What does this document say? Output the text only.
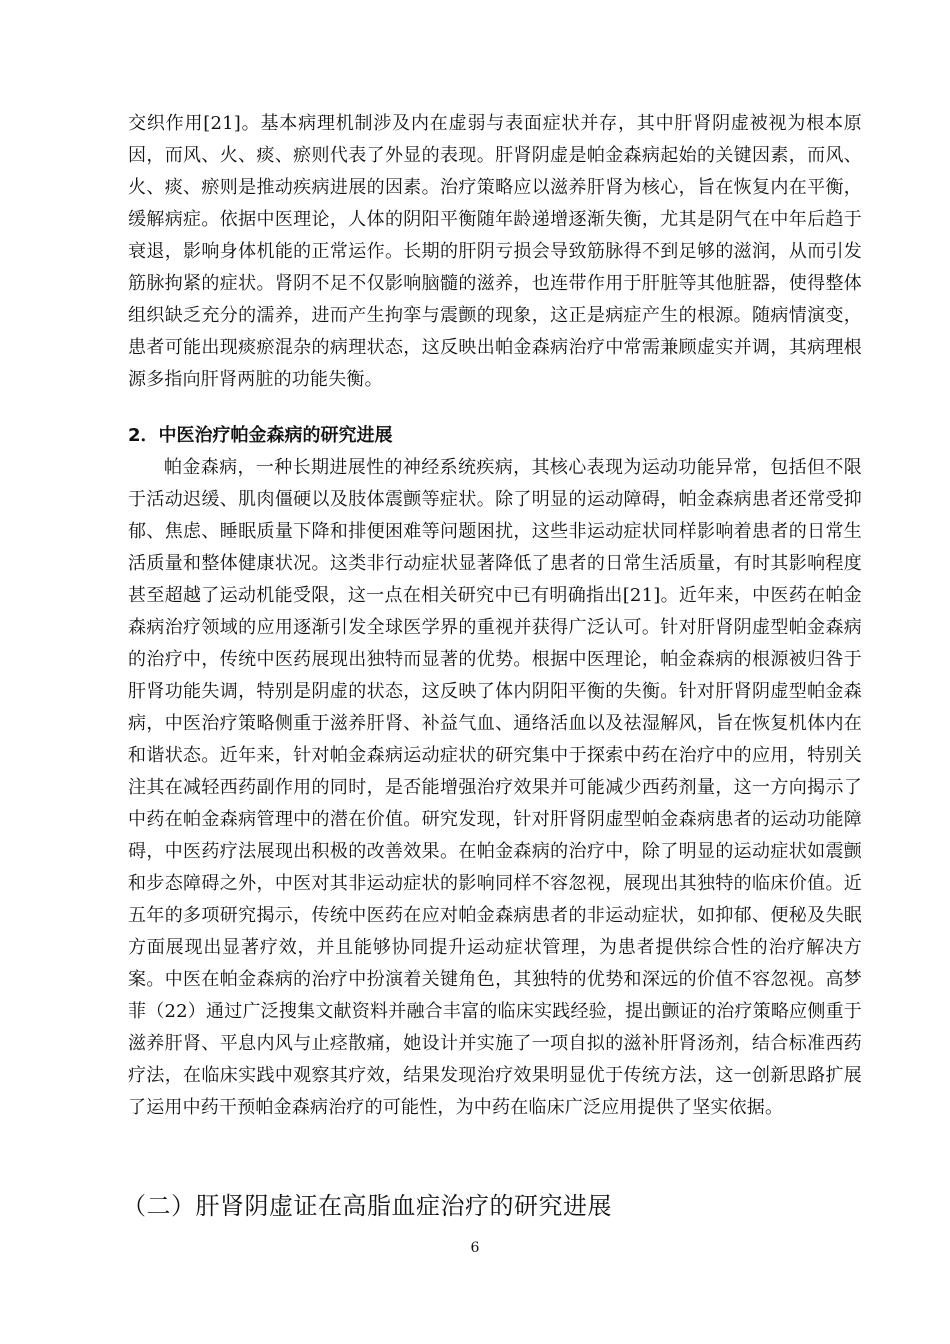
交织作用[21]。基本病理机制涉及内在虚弱与表面症状并存，其中肝肾阴虚被视为根本原因，而风、火、痰、瘀则代表了外显的表现。肝肾阴虚是帕金森病起始的关键因素，而风、火、痰、瘀则是推动疾病进展的因素。治疗策略应以滋养肝肾为核心，旨在恢复内在平衡，缓解病症。依据中医理论，人体的阴阳平衡随年龄递增逐渐失衡，尤其是阴气在中年后趋于衰退，影响身体机能的正常运作。长期的肝阴亏损会导致筋脉得不到足够的滋润，从而引发筋脉拘紧的症状。肾阴不足不仅影响脑髓的滋养，也连带作用于肝脏等其他脏器，使得整体组织缺乏充分的濡养，进而产生拘挛与震颤的现象，这正是病症产生的根源。随病情演变，患者可能出现痰瘀混杂的病理状态，这反映出帕金森病治疗中常需兼顾虚实并调，其病理根源多指向肝肾两脏的功能失衡。
2．中医治疗帕金森病的研究进展
帕金森病，一种长期进展性的神经系统疾病，其核心表现为运动功能异常，包括但不限于活动迟缓、肌肉僵硬以及肢体震颤等症状。除了明显的运动障碍，帕金森病患者还常受抑郁、焦虑、睡眠质量下降和排便困难等问题困扰，这些非运动症状同样影响着患者的日常生活质量和整体健康状况。这类非行动症状显著降低了患者的日常生活质量，有时其影响程度甚至超越了运动机能受限，这一点在相关研究中已有明确指出[21]。近年来，中医药在帕金森病治疗领域的应用逐渐引发全球医学界的重视并获得广泛认可。针对肝肾阴虚型帕金森病的治疗中，传统中医药展现出独特而显著的优势。根据中医理论，帕金森病的根源被归咎于肝肾功能失调，特别是阴虚的状态，这反映了体内阴阳平衡的失衡。针对肝肾阴虚型帕金森病，中医治疗策略侧重于滋养肝肾、补益气血、通络活血以及祛湿解风，旨在恢复机体内在和谐状态。近年来，针对帕金森病运动症状的研究集中于探索中药在治疗中的应用，特别关注其在减轻西药副作用的同时，是否能增强治疗效果并可能减少西药剂量，这一方向揭示了中药在帕金森病管理中的潜在价值。研究发现，针对肝肾阴虚型帕金森病患者的运动功能障碍，中医药疗法展现出积极的改善效果。在帕金森病的治疗中，除了明显的运动症状如震颤和步态障碍之外，中医对其非运动症状的影响同样不容忽视，展现出其独特的临床价值。近五年的多项研究揭示，传统中医药在应对帕金森病患者的非运动症状，如抑郁、便秘及失眠方面展现出显著疗效，并且能够协同提升运动症状管理，为患者提供综合性的治疗解决方案。中医在帕金森病的治疗中扮演着关键角色，其独特的优势和深远的价值不容忽视。高梦菲（22）通过广泛搜集文献资料并融合丰富的临床实践经验，提出颤证的治疗策略应侧重于滋养肝肾、平息内风与止痉散痛，她设计并实施了一项自拟的滋补肝肾汤剂，结合标准西药疗法，在临床实践中观察其疗效，结果发现治疗效果明显优于传统方法，这一创新思路扩展了运用中药干预帕金森病治疗的可能性，为中药在临床广泛应用提供了坚实依据。
（二）肝肾阴虚证在高脂血症治疗的研究进展
6
